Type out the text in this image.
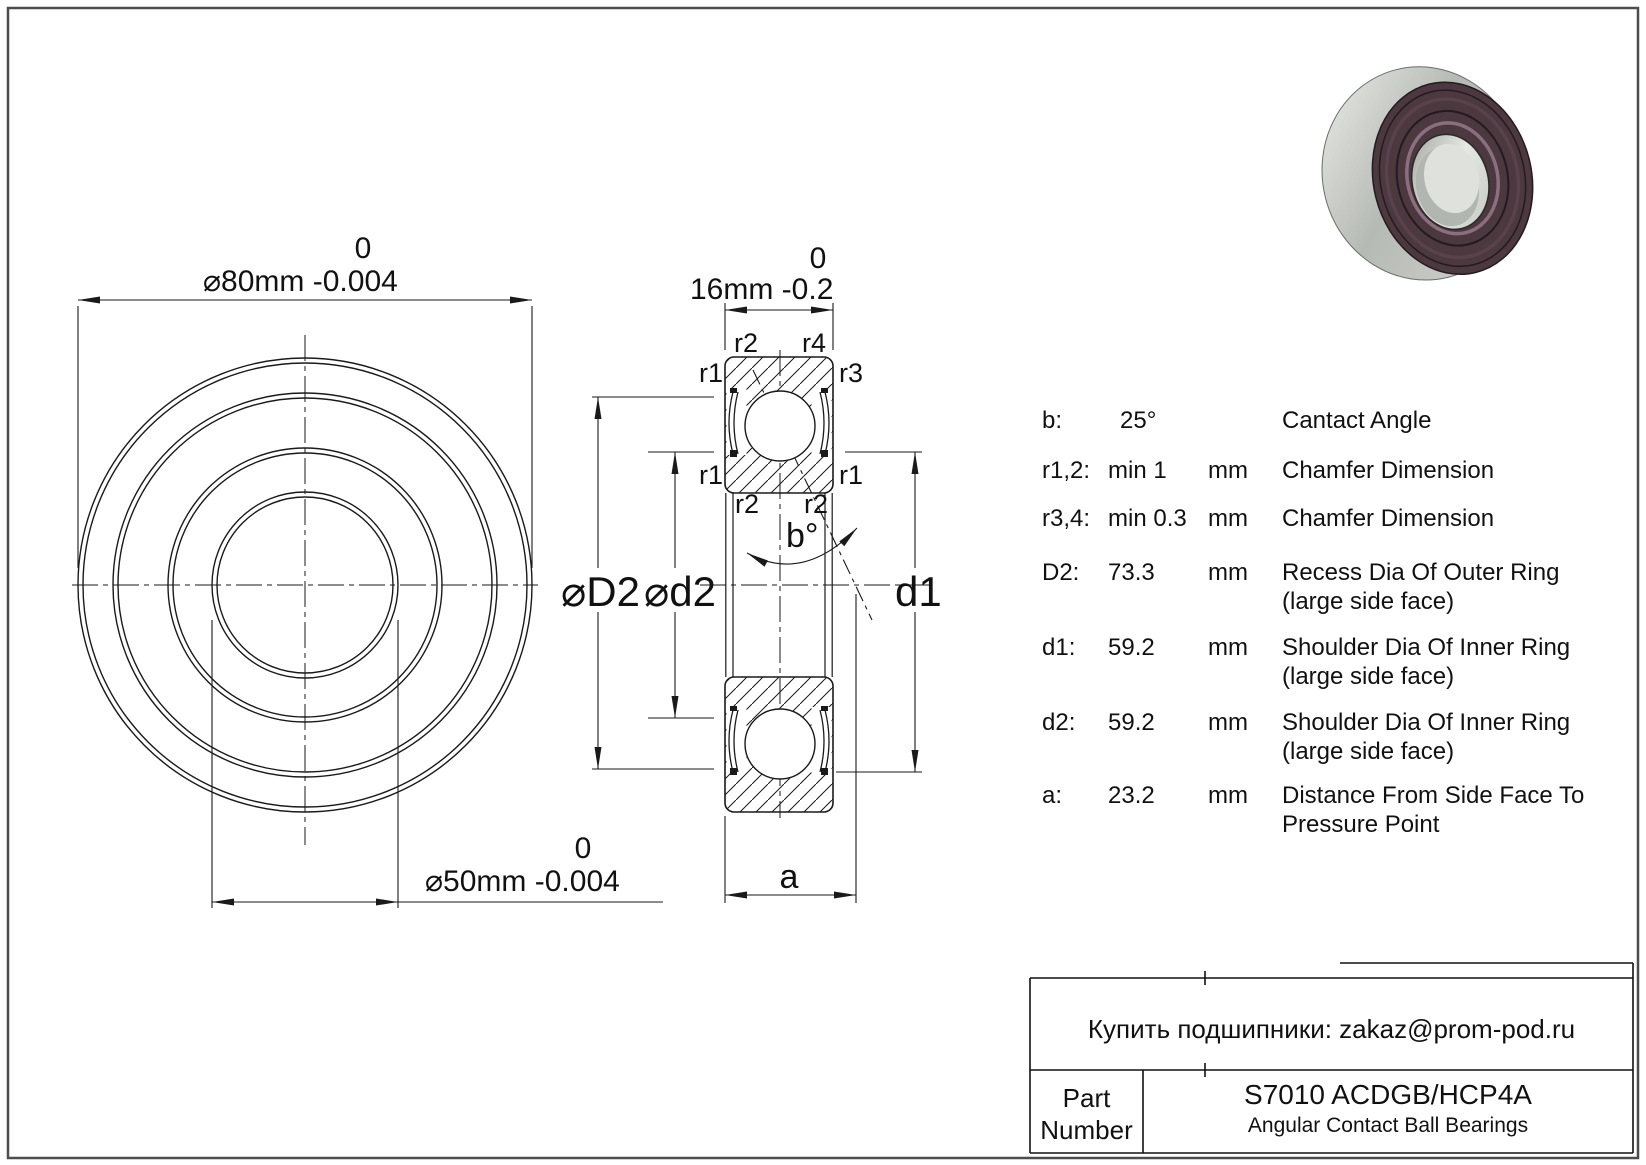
⌀80mm -0.004
0
⌀50mm -0.004
0
16mm -0.2
0
⌀D2 ⌀d2	d1
a
b°
r2 r4
r1	r3
r1	r1
r2 r2
b:	25°	Cantact Angle
r1,2: min 1	mm	Chamfer Dimension
r3,4: min 0.3 mm	Chamfer Dimension
D2:	73.3	mm	Recess Dia Of Outer Ring
(large side face)
d1:	59.2	mm	Shoulder Dia Of Inner Ring
(large side face)
d2:	59.2	mm	Shoulder Dia Of Inner Ring
(large side face)
a:	23.2	mm	Distance From Side Face To
Pressure Point
Купить подшипники: zakaz@prom-pod.ru
Part
Number
S7010 ACDGB/HCP4A
Angular Contact Ball Bearings
